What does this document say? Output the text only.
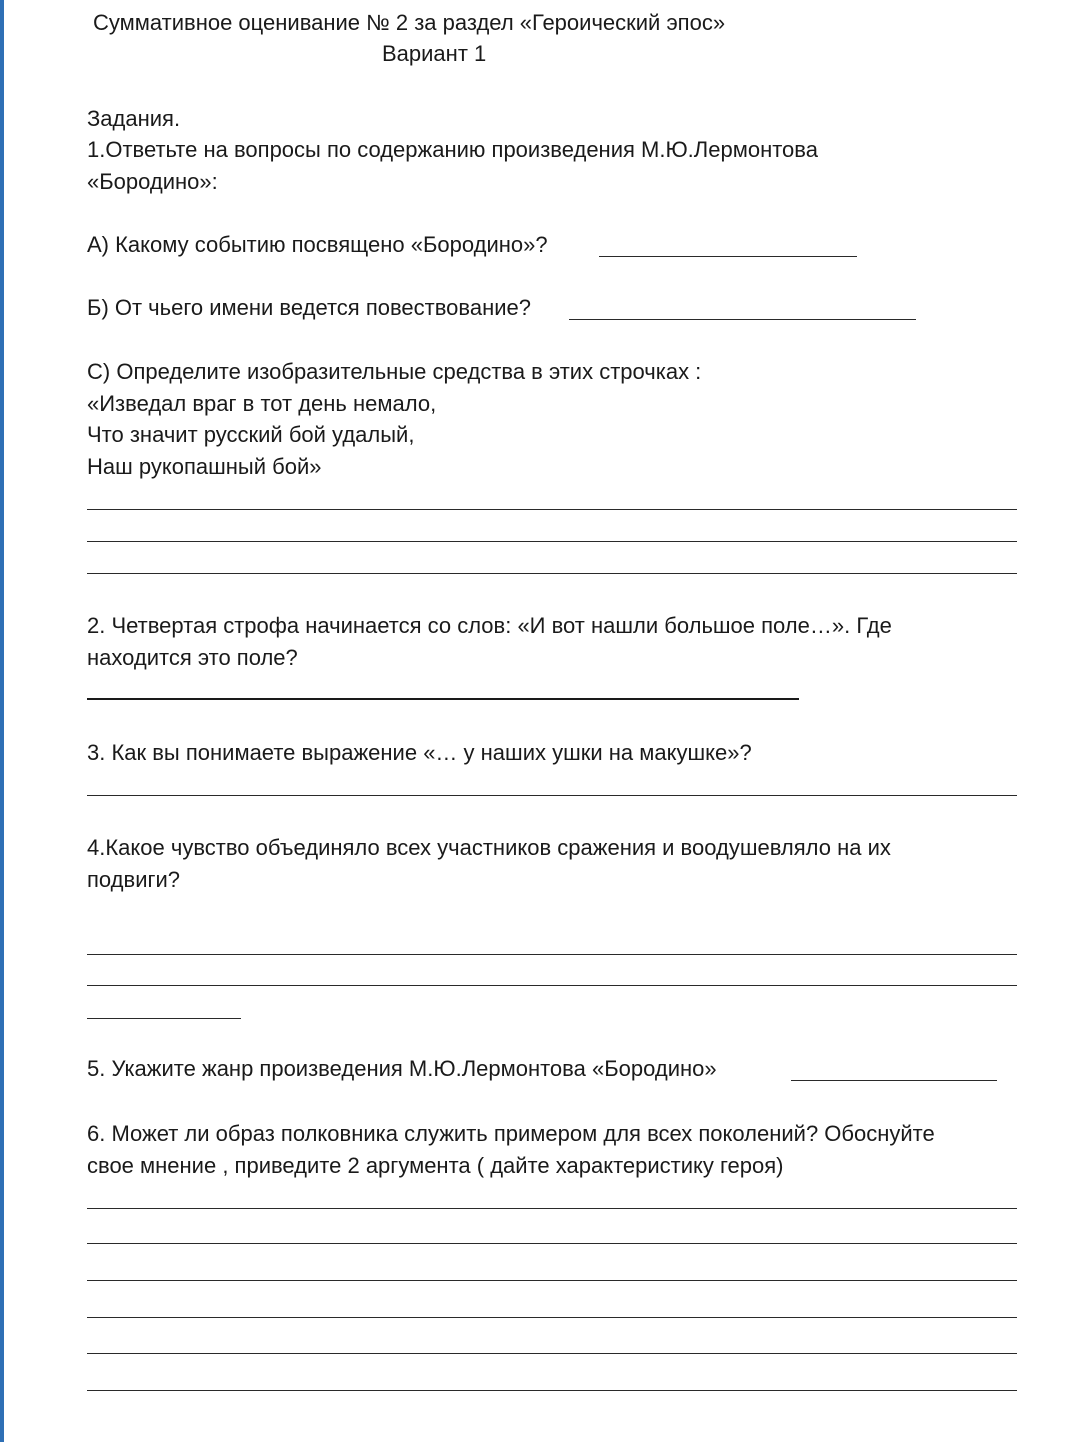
Суммативное оценивание № 2 за раздел «Героический эпос»
Вариант 1
Задания.
1.Ответьте на вопросы по содержанию произведения М.Ю.Лермонтова
«Бородино»:
А) Какому событию посвящено «Бородино»?
Б) От чьего имени ведется повествование?
С) Определите изобразительные средства в этих строчках :
«Изведал враг в тот день немало,
Что значит русский бой удалый,
Наш рукопашный бой»
2. Четвертая строфа начинается со слов: «И вот нашли большое поле…». Где
находится это поле?
3. Как вы понимаете выражение «… у наших ушки на макушке»?
4.Какое чувство объединяло всех участников сражения и воодушевляло на их
подвиги?
5. Укажите жанр произведения М.Ю.Лермонтова «Бородино»
6. Может ли образ полковника служить примером для всех поколений? Обоснуйте
свое мнение , приведите 2 аргумента ( дайте характеристику героя)
